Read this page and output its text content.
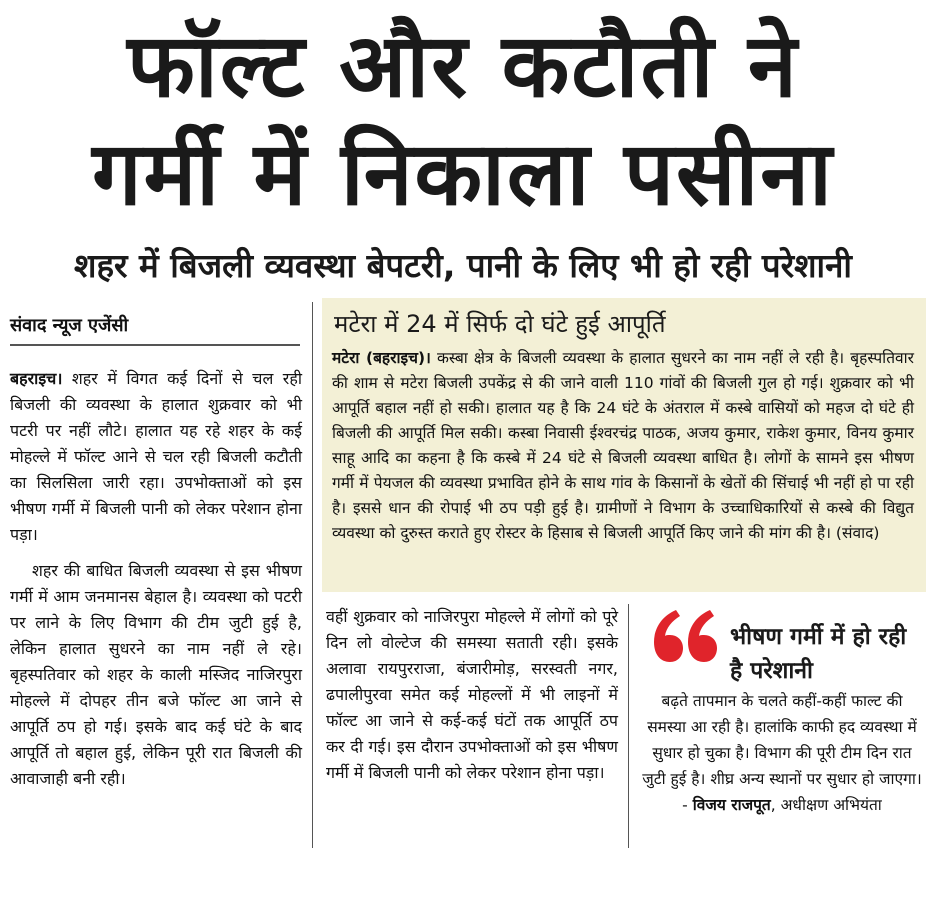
फॉल्ट और कटौती ने
गर्मी में निकाला पसीना
शहर में बिजली व्यवस्था बेपटरी, पानी के लिए भी हो रही परेशानी
संवाद न्यूज एजेंसी

बहराइच। शहर में विगत कई दिनों से चल रही बिजली की व्यवस्था के हालात शुक्रवार को भी पटरी पर नहीं लौटे। हालात यह रहे शहर के कई मोहल्ले में फॉल्ट आने से चल रही बिजली कटौती का सिलसिला जारी रहा। उपभोक्ताओं को इस भीषण गर्मी में बिजली पानी को लेकर परेशान होना पड़ा।

शहर की बाधित बिजली व्यवस्था से इस भीषण गर्मी में आम जनमानस बेहाल है। व्यवस्था को पटरी पर लाने के लिए विभाग की टीम जुटी हुई है, लेकिन हालात सुधरने का नाम नहीं ले रहे। बृहस्पतिवार को शहर के काली मस्जिद नाजिरपुरा मोहल्ले में दोपहर तीन बजे फॉल्ट आ जाने से आपूर्ति ठप हो गई। इसके बाद कई घंटे के बाद आपूर्ति तो बहाल हुई, लेकिन पूरी रात बिजली की आवाजाही बनी रही।

मटेरा में 24 में सिर्फ दो घंटे हुई आपूर्ति

मटेरा (बहराइच)। कस्बा क्षेत्र के बिजली व्यवस्था के हालात सुधरने का नाम नहीं ले रही है। बृहस्पतिवार की शाम से मटेरा बिजली उपकेंद्र से की जाने वाली 110 गांवों की बिजली गुल हो गई। शुक्रवार को भी आपूर्ति बहाल नहीं हो सकी। हालात यह है कि 24 घंटे के अंतराल में कस्बे वासियों को महज दो घंटे ही बिजली की आपूर्ति मिल सकी। कस्बा निवासी ईश्वरचंद्र पाठक, अजय कुमार, राकेश कुमार, विनय कुमार साहू आदि का कहना है कि कस्बे में 24 घंटे से बिजली व्यवस्था बाधित है। लोगों के सामने इस भीषण गर्मी में पेयजल की व्यवस्था प्रभावित होने के साथ गांव के किसानों के खेतों की सिंचाई भी नहीं हो पा रही है। इससे धान की रोपाई भी ठप पड़ी हुई है। ग्रामीणों ने विभाग के उच्चाधिकारियों से कस्बे की विद्युत व्यवस्था को दुरुस्त कराते हुए रोस्टर के हिसाब से बिजली आपूर्ति किए जाने की मांग की है। (संवाद)

वहीं शुक्रवार को नाजिरपुरा मोहल्ले में लोगों को पूरे दिन लो वोल्टेज की समस्या सताती रही। इसके अलावा रायपुरराजा, बंजारीमोड़, सरस्वती नगर, ढपालीपुरवा समेत कई मोहल्लों में भी लाइनों में फॉल्ट आ जाने से कई-कई घंटों तक आपूर्ति ठप कर दी गई। इस दौरान उपभोक्ताओं को इस भीषण गर्मी में बिजली पानी को लेकर परेशान होना पड़ा।

भीषण गर्मी में हो रही है परेशानी

बढ़ते तापमान के चलते कहीं-कहीं फाल्ट की समस्या आ रही है। हालांकि काफी हद व्यवस्था में सुधार हो चुका है। विभाग की पूरी टीम दिन रात जुटी हुई है। शीघ्र अन्य स्थानों पर सुधार हो जाएगा। - विजय राजपूत, अधीक्षण अभियंता
